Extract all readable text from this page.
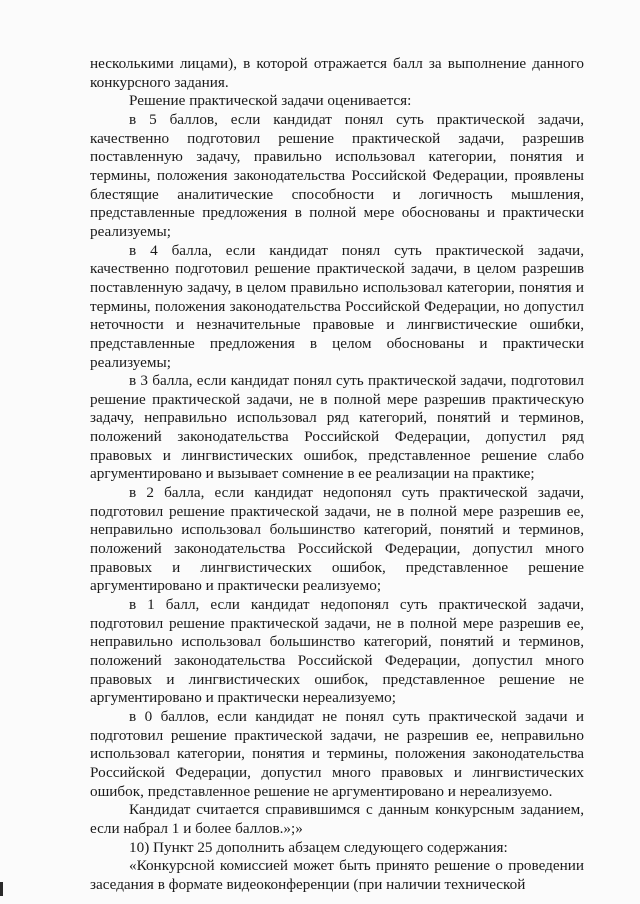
несколькими лицами), в которой отражается балл за выполнение данного конкурсного задания.

Решение практической задачи оценивается:

в 5 баллов, если кандидат понял суть практической задачи, качественно подготовил решение практической задачи, разрешив поставленную задачу, правильно использовал категории, понятия и термины, положения законодательства Российской Федерации, проявлены блестящие аналитические способности и логичность мышления, представленные предложения в полной мере обоснованы и практически реализуемы;

в 4 балла, если кандидат понял суть практической задачи, качественно подготовил решение практической задачи, в целом разрешив поставленную задачу, в целом правильно использовал категории, понятия и термины, положения законодательства Российской Федерации, но допустил неточности и незначительные правовые и лингвистические ошибки, представленные предложения в целом обоснованы и практически реализуемы;

в 3 балла, если кандидат понял суть практической задачи, подготовил решение практической задачи, не в полной мере разрешив практическую задачу, неправильно использовал ряд категорий, понятий и терминов, положений законодательства Российской Федерации, допустил ряд правовых и лингвистических ошибок, представленное решение слабо аргументировано и вызывает сомнение в ее реализации на практике;

в 2 балла, если кандидат недопонял суть практической задачи, подготовил решение практической задачи, не в полной мере разрешив ее, неправильно использовал большинство категорий, понятий и терминов, положений законодательства Российской Федерации, допустил много правовых и лингвистических ошибок, представленное решение аргументировано и практически реализуемо;

в 1 балл, если кандидат недопонял суть практической задачи, подготовил решение практической задачи, не в полной мере разрешив ее, неправильно использовал большинство категорий, понятий и терминов, положений законодательства Российской Федерации, допустил много правовых и лингвистических ошибок, представленное решение не аргументировано и практически нереализуемо;

в 0 баллов, если кандидат не понял суть практической задачи и подготовил решение практической задачи, не разрешив ее, неправильно использовал категории, понятия и термины, положения законодательства Российской Федерации, допустил много правовых и лингвистических ошибок, представленное решение не аргументировано и нереализуемо.

Кандидат считается справившимся с данным конкурсным заданием, если набрал 1 и более баллов.»;»

10) Пункт 25 дополнить абзацем следующего содержания:

«Конкурсной комиссией может быть принято решение о проведении заседания в формате видеоконференции (при наличии технической
